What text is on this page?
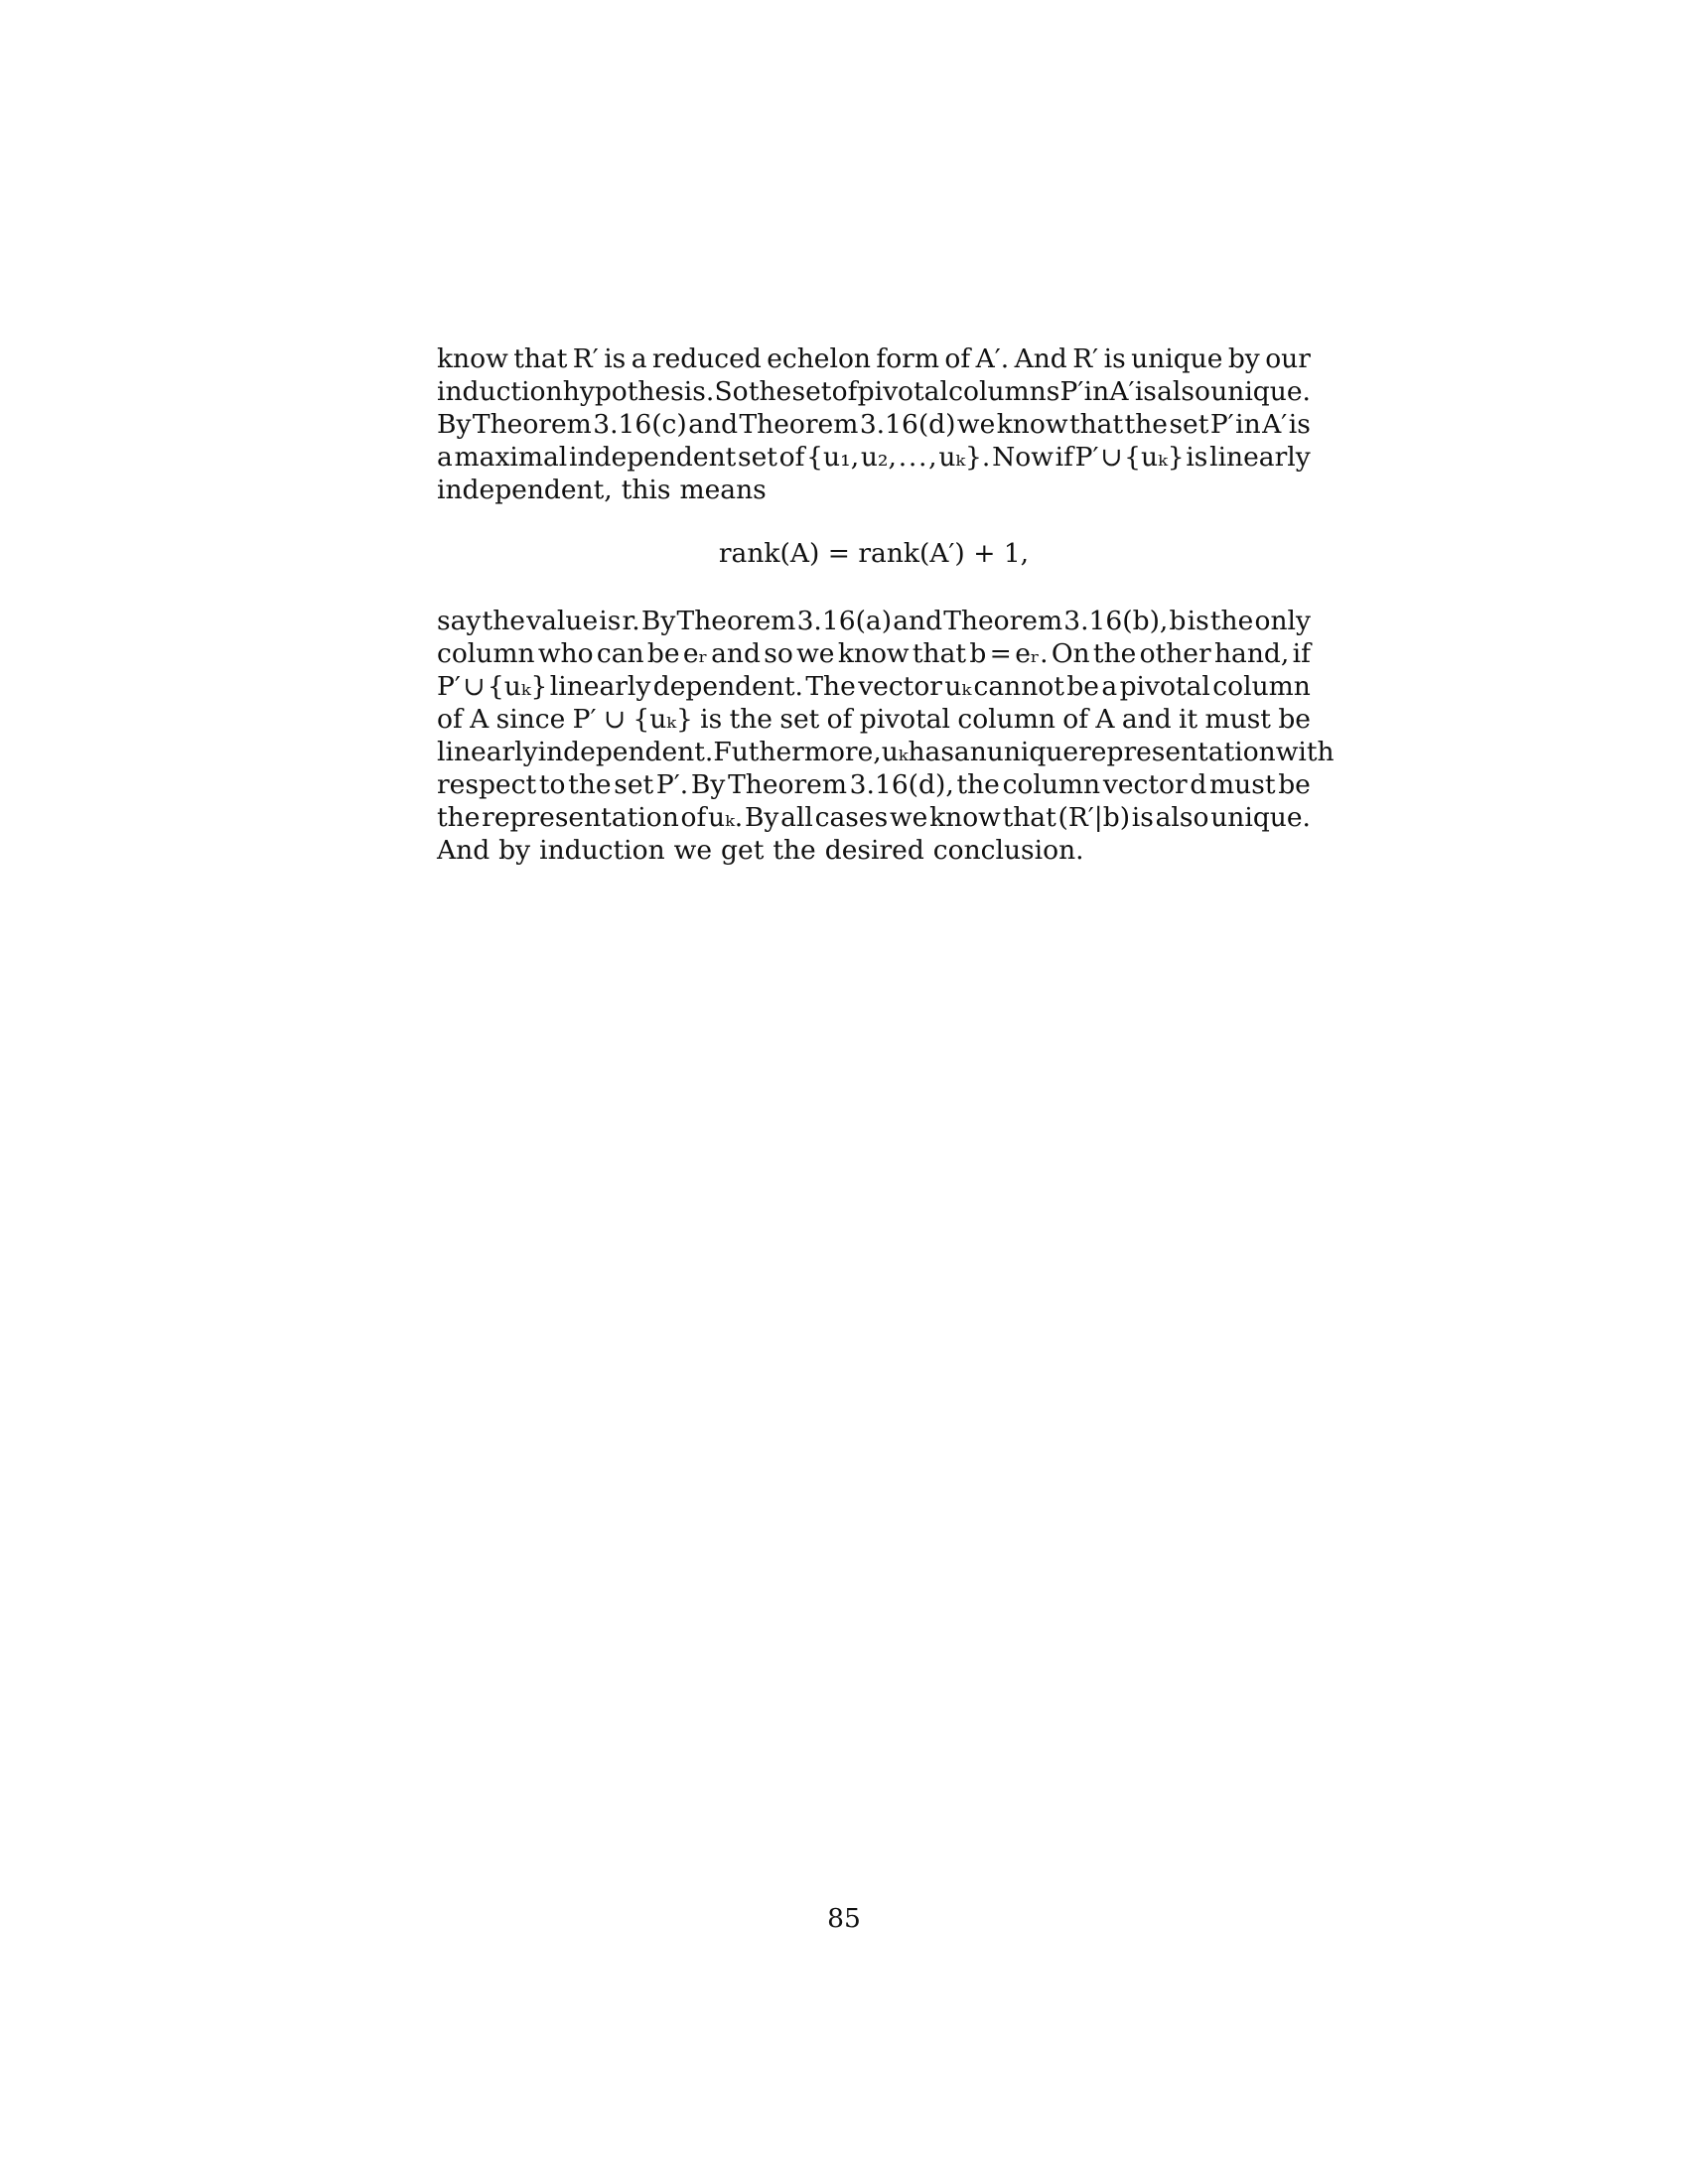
know that R′ is a reduced echelon form of A′. And R′ is unique by our
induction hypothesis. So the set of pivotal columns P′ in A′ is also unique.
By Theorem 3.16(c) and Theorem 3.16(d) we know that the set P′ in A′ is
a maximal independent set of {u₁, u₂, . . . , uₖ}. Now if P′ ∪ {uₖ} is linearly
independent, this means
rank(A) = rank(A′) + 1,
say the value is r. By Theorem 3.16(a) and Theorem 3.16(b), b is the only
column who can be eᵣ and so we know that b = eᵣ. On the other hand, if
P′ ∪ {uₖ} linearly dependent. The vector uₖ cannot be a pivotal column
of A since P′ ∪ {uₖ} is the set of pivotal column of A and it must be
linearly independent. Futhermore, uₖ has an unique representation with
respect to the set P′. By Theorem 3.16(d), the column vector d must be
the representation of uₖ. By all cases we know that (R′|b) is also unique.
And by induction we get the desired conclusion.
85
